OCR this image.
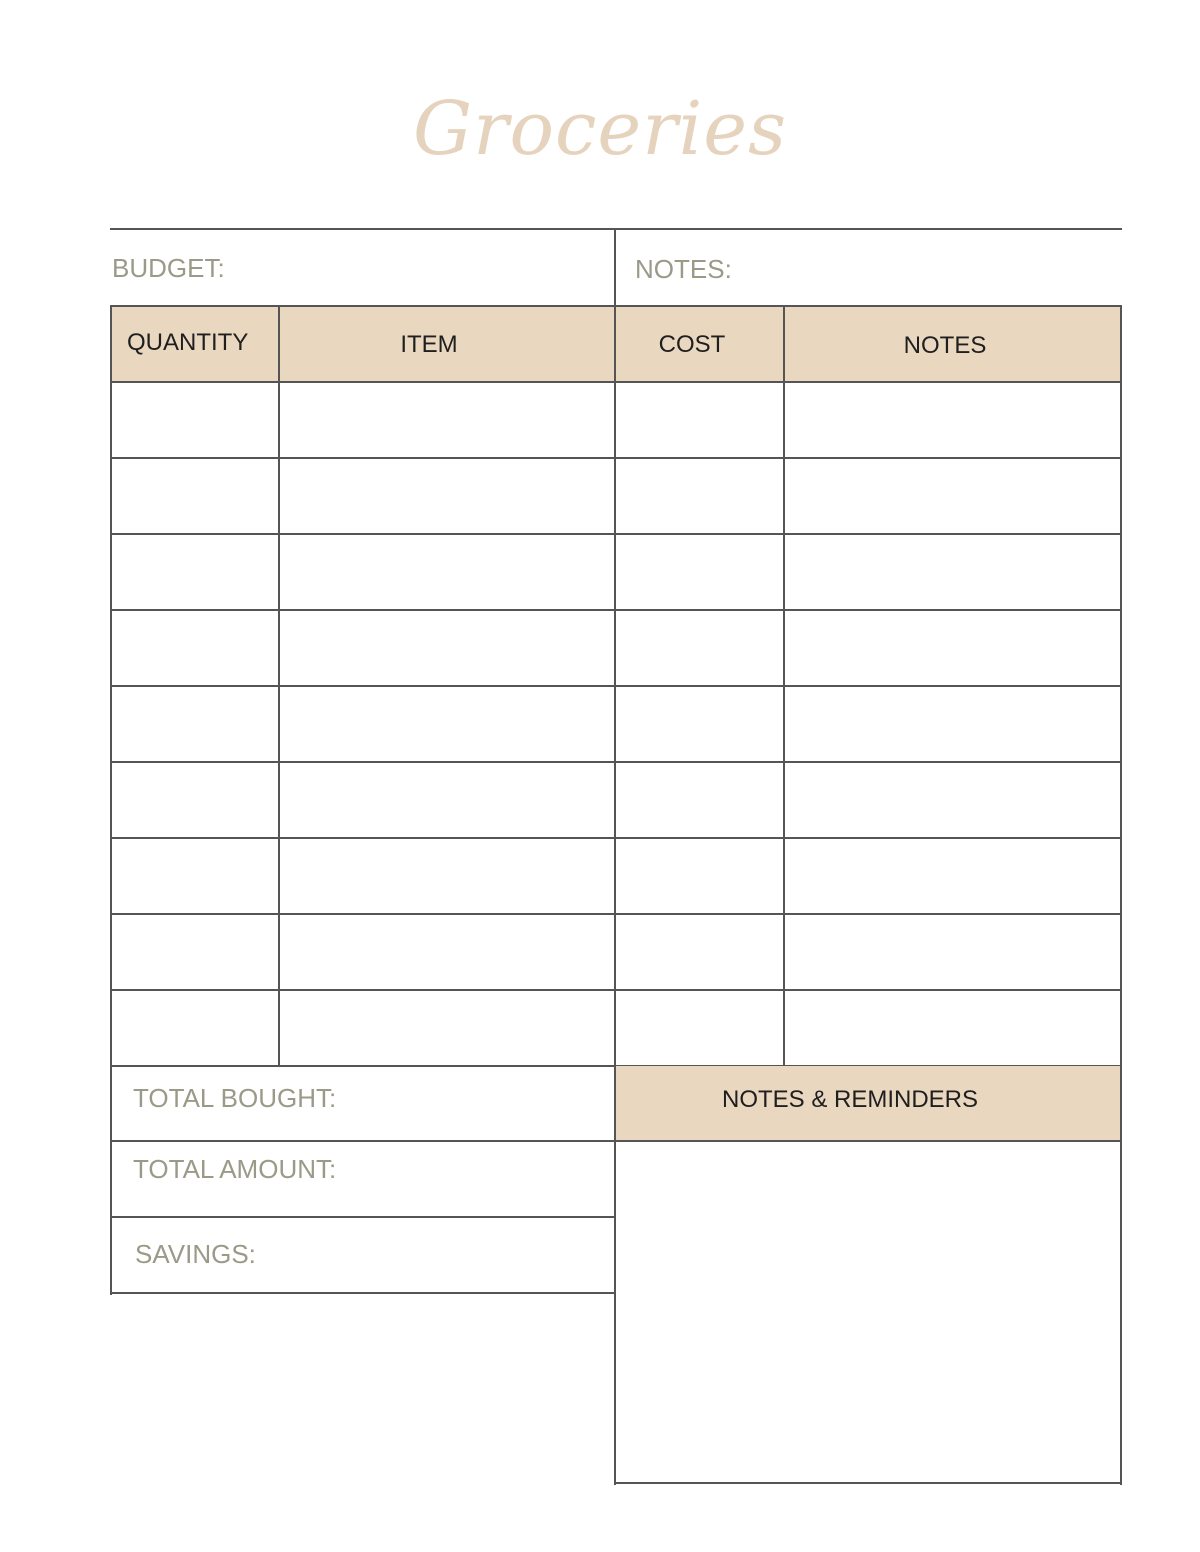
Groceries
BUDGET:	NOTES:
QUANTITY	ITEM	COST	NOTES
TOTAL BOUGHT:
TOTAL AMOUNT:
SAVINGS:
NOTES & REMINDERS
